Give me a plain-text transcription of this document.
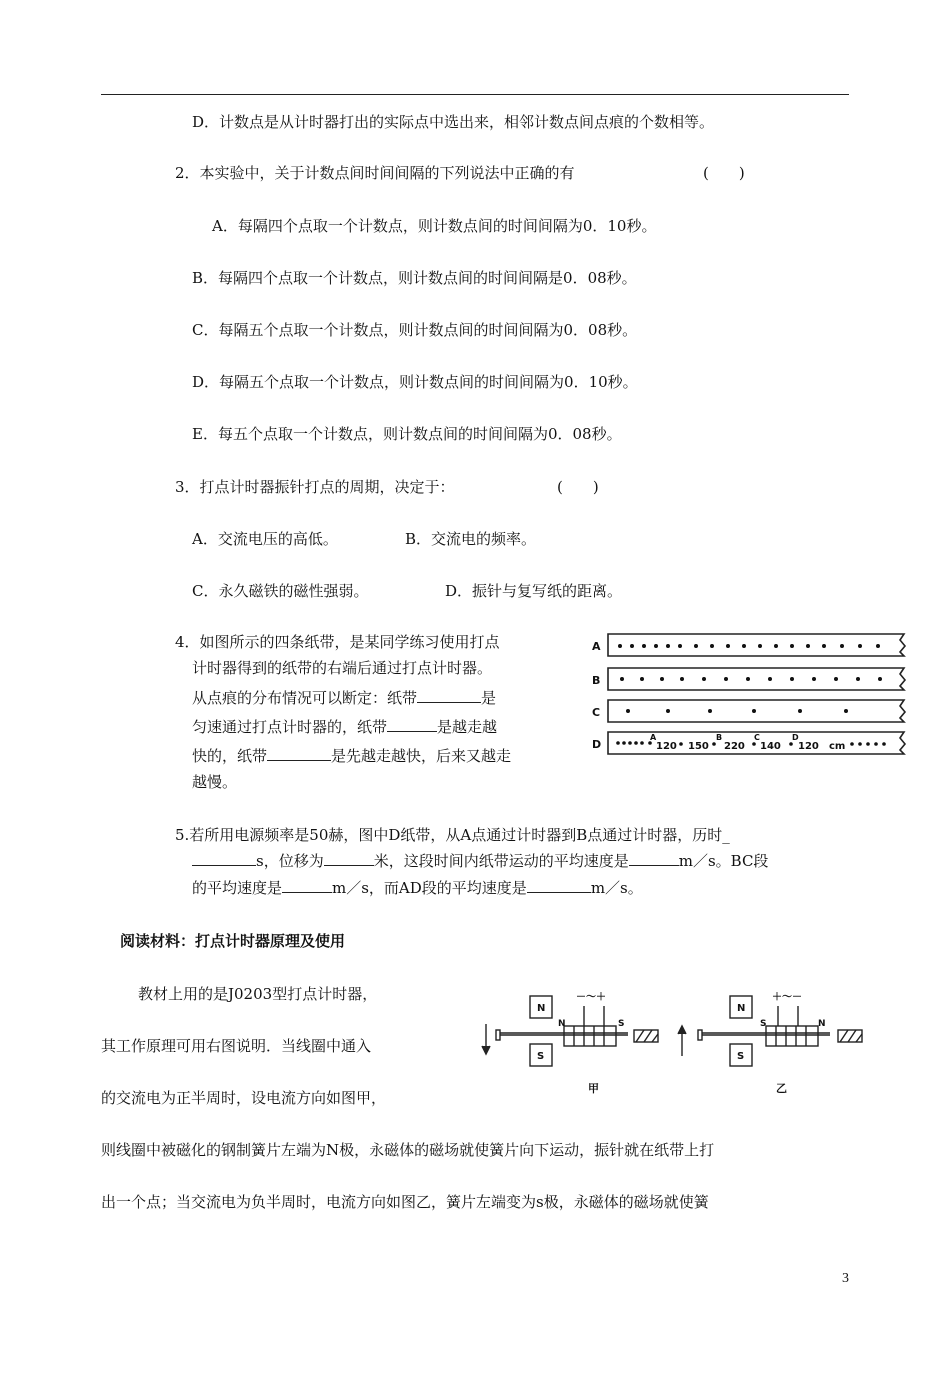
D．计数点是从计时器打出的实际点中选出来，相邻计数点间点痕的个数相等。
2．本实验中，关于计数点间时间间隔的下列说法中正确的有	(　　)
A．每隔四个点取一个计数点，则计数点间的时间间隔为0．10秒。
B．每隔四个点取一个计数点，则计数点间的时间间隔是0．08秒。
C．每隔五个点取一个计数点，则计数点间的时间间隔为0．08秒。
D．每隔五个点取一个计数点，则计数点间的时间间隔为0．10秒。
E．每五个点取一个计数点，则计数点间的时间间隔为0．08秒。
3．打点计时器振针打点的周期，决定于：	(　　)
A．交流电压的高低。	B．交流电的频率。
C．永久磁铁的磁性强弱。	D．振针与复写纸的距离。
4．如图所示的四条纸带，是某同学练习使用打点
计时器得到的纸带的右端后通过打点计时器。
从点痕的分布情况可以断定：纸带	是
匀速通过打点计时器的，纸带	是越走越
快的，纸带	是先越走越快，后来又越走
越慢。
A
B
C
D
A
120 150
B
220
C
140
D
120 cm
5.若所用电源频率是50赫，图中D纸带，从A点通过计时器到B点通过计时器，历时_
s，位移为	米，这段时间内纸带运动的平均速度是	m／s。BC段
的平均速度是	m／s，而AD段的平均速度是	m／s。
阅读材料：打点计时器原理及使用
教材上用的是J0203型打点计时器，
其工作原理可用右图说明．当线圈中通入
的交流电为正半周时，设电流方向如图甲，
则线圈中被磁化的钢制簧片左端为N极，永磁体的磁场就使簧片向下运动，振针就在纸带上打
出一个点；当交流电为负半周时，电流方向如图乙，簧片左端变为s极，永磁体的磁场就使簧
N
S
N	S
－～＋
甲
N
S
S	N
＋～－
乙
3
